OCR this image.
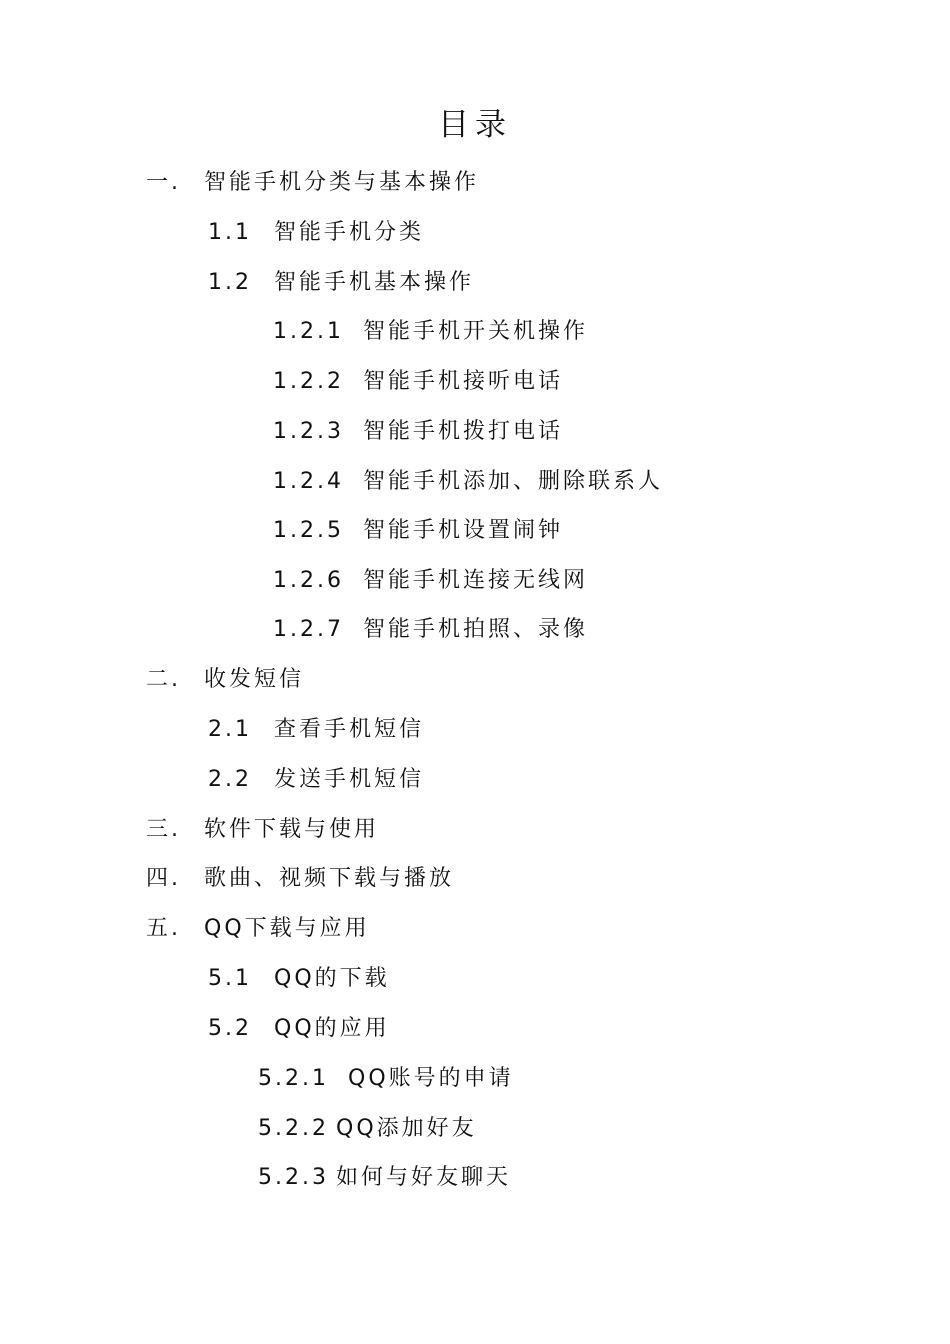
目录
一. 智能手机分类与基本操作
1.1 智能手机分类
1.2 智能手机基本操作
1.2.1 智能手机开关机操作
1.2.2 智能手机接听电话
1.2.3 智能手机拨打电话
1.2.4 智能手机添加、删除联系人
1.2.5 智能手机设置闹钟
1.2.6 智能手机连接无线网
1.2.7 智能手机拍照、录像
二. 收发短信
2.1 查看手机短信
2.2 发送手机短信
三. 软件下载与使用
四. 歌曲、视频下载与播放
五. QQ下载与应用
5.1 QQ的下载
5.2 QQ的应用
5.2.1 QQ账号的申请
5.2.2 QQ添加好友
5.2.3 如何与好友聊天
